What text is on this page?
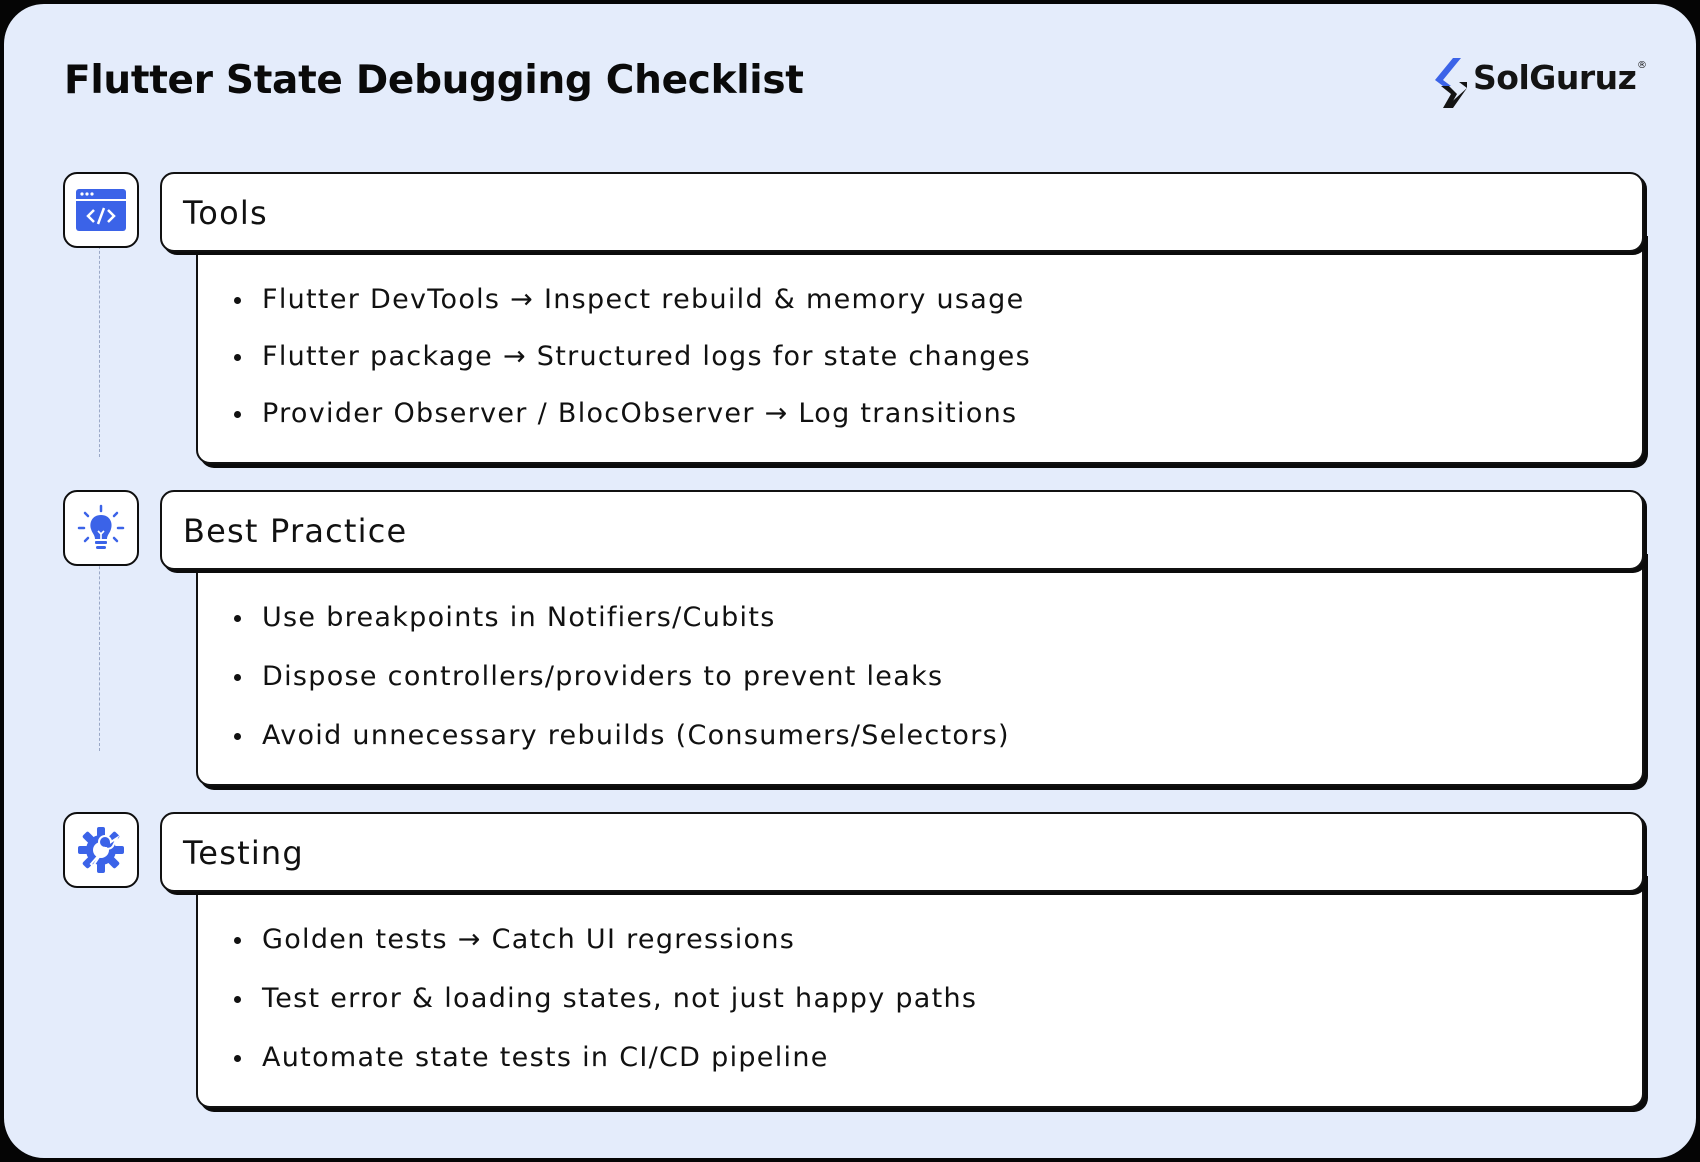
Flutter State Debugging Checklist	SolGuruz ®
Flutter DevTools → Inspect rebuild & memory usage
Flutter package → Structured logs for state changes
Provider Observer / BlocObserver → Log transitions
Tools
Use breakpoints in Notifiers/Cubits
Dispose controllers/providers to prevent leaks
Avoid unnecessary rebuilds (Consumers/Selectors)
Best Practice
Golden tests → Catch UI regressions
Test error & loading states, not just happy paths
Automate state tests in CI/CD pipeline
Testing
